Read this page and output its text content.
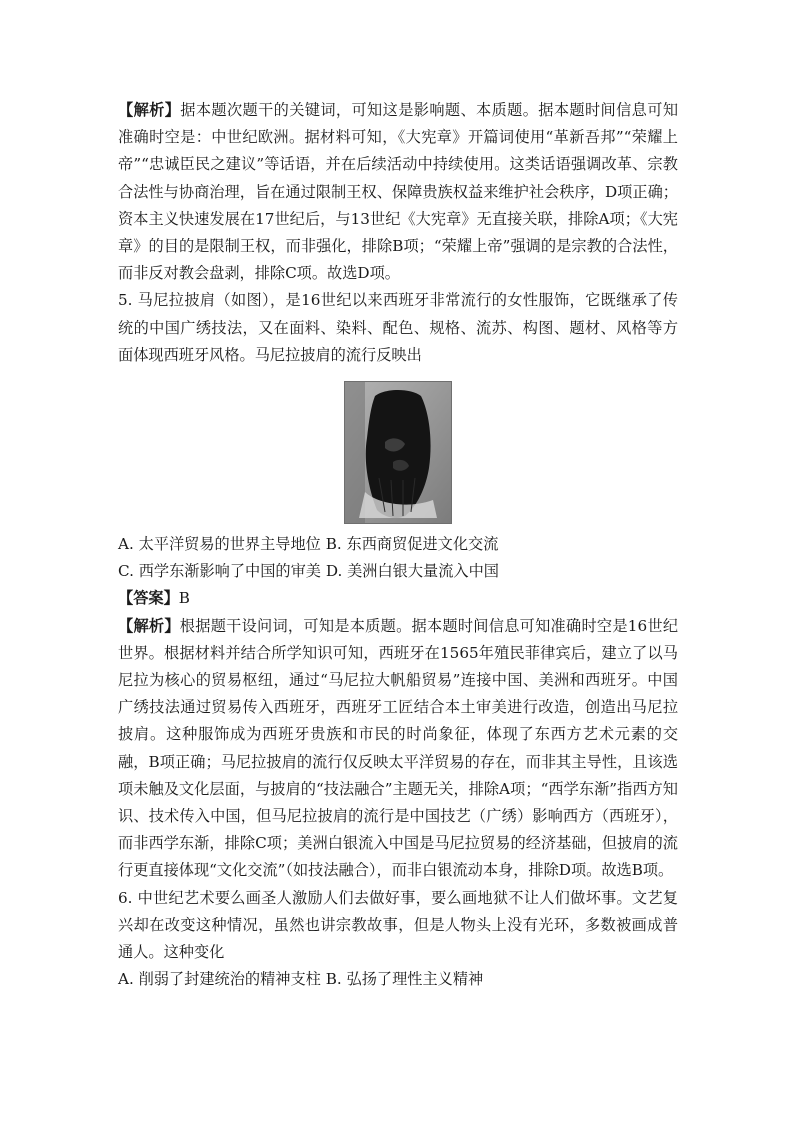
【解析】据本题次题干的关键词，可知这是影响题、本质题。据本题时间信息可知准确时空是：中世纪欧洲。据材料可知，《大宪章》开篇词使用“革新吾邦”“荣耀上帝”“忠诚臣民之建议”等话语，并在后续活动中持续使用。这类话语强调改革、宗教合法性与协商治理，旨在通过限制王权、保障贵族权益来维护社会秩序，D项正确；资本主义快速发展在17世纪后，与13世纪《大宪章》无直接关联，排除A项；《大宪章》的目的是限制王权，而非强化，排除B项；“荣耀上帝”强调的是宗教的合法性，而非反对教会盘剥，排除C项。故选D项。

5. 马尼拉披肩（如图），是16世纪以来西班牙非常流行的女性服饰，它既继承了传统的中国广绣技法，又在面料、染料、配色、规格、流苏、构图、题材、风格等方面体现西班牙风格。马尼拉披肩的流行反映出

A. 太平洋贸易的世界主导地位 B. 东西商贸促进文化交流
C. 西学东渐影响了中国的审美 D. 美洲白银大量流入中国

【答案】B

【解析】根据题干设问词，可知是本质题。据本题时间信息可知准确时空是16世纪世界。根据材料并结合所学知识可知，西班牙在1565年殖民菲律宾后，建立了以马尼拉为核心的贸易枢纽，通过“马尼拉大帆船贸易”连接中国、美洲和西班牙。中国广绣技法通过贸易传入西班牙，西班牙工匠结合本土审美进行改造，创造出马尼拉披肩。这种服饰成为西班牙贵族和市民的时尚象征，体现了东西方艺术元素的交融，B项正确；马尼拉披肩的流行仅反映太平洋贸易的存在，而非其主导性，且该选项未触及文化层面，与披肩的“技法融合”主题无关，排除A项；“西学东渐”指西方知识、技术传入中国，但马尼拉披肩的流行是中国技艺（广绣）影响西方（西班牙），而非西学东渐，排除C项；美洲白银流入中国是马尼拉贸易的经济基础，但披肩的流行更直接体现“文化交流”（如技法融合），而非白银流动本身，排除D项。故选B项。

6. 中世纪艺术要么画圣人激励人们去做好事，要么画地狱不让人们做坏事。文艺复兴却在改变这种情况，虽然也讲宗教故事，但是人物头上没有光环，多数被画成普通人。这种变化

A. 削弱了封建统治的精神支柱 B. 弘扬了理性主义精神
